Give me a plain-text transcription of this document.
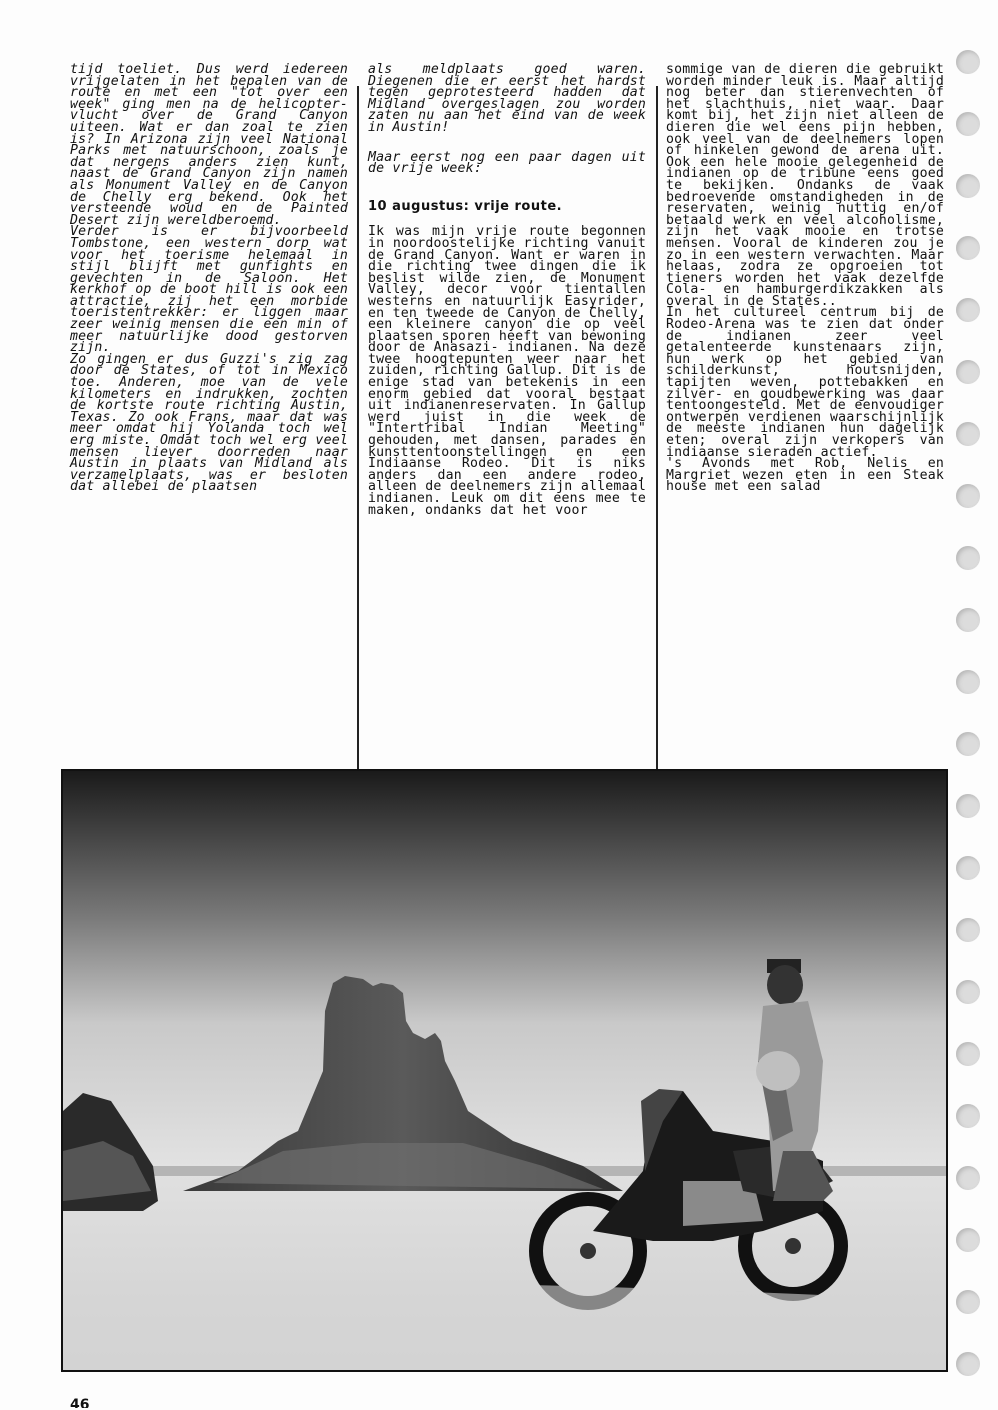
tijd toeliet. Dus werd iedereen vrijgelaten in het bepalen van de route en met een "tot over een week" ging men na de helicopter-vlucht over de Grand Canyon uiteen. Wat er dan zoal te zien is? In Arizona zijn veel National Parks met natuurschoon, zoals je dat nergens anders zien kunt, naast de Grand Canyon zijn namen als Monument Valley en de Canyon de Chelly erg bekend. Ook het versteende woud en de Painted Desert zijn wereldberoemd.
Verder is er bijvoorbeeld Tombstone, een western dorp wat voor het toerisme helemaal in stijl blijft met gunfights en gevechten in de Saloon. Het kerkhof op de boot hill is ook een attractie, zij het een morbide toeristentrekker: er liggen maar zeer weinig mensen die een min of meer natuurlijke dood gestorven zijn.
Zo gingen er dus Guzzi's zig zag door de States, of tot in Mexico toe. Anderen, moe van de vele kilometers en indrukken, zochten de kortste route richting Austin, Texas. Zo ook Frans, maar dat was meer omdat hij Yolanda toch wel erg miste. Omdat toch wel erg veel mensen liever doorreden naar Austin in plaats van Midland als verzamelplaats, was er besloten dat allebei de plaatsen

als meldplaats goed waren. Diegenen die er eerst het hardst tegen geprotesteerd hadden dat Midland overgeslagen zou worden zaten nu aan het eind van de week in Austin!

Maar eerst nog een paar dagen uit de vrije week:

10 augustus: vrije route.

Ik was mijn vrije route begonnen in noordoostelijke richting vanuit de Grand Canyon. Want er waren in die richting twee dingen die ik beslist wilde zien, de Monument Valley, decor voor tientallen westerns en natuurlijk Easyrider, en ten tweede de Canyon de Chelly, een kleinere canyon die op veel plaatsen sporen heeft van bewoning door de Anasazi- indianen. Na deze twee hoogtepunten weer naar het zuiden, richting Gallup. Dit is de enige stad van betekenis in een enorm gebied dat vooral bestaat uit indianenreservaten. In Gallup werd juist in die week de "Intertribal Indian Meeting" gehouden, met dansen, parades en kunsttentoonstellingen en een Indiaanse Rodeo. Dit is niks anders dan een andere rodeo, alleen de deelnemers zijn allemaal indianen. Leuk om dit eens mee te maken, ondanks dat het voor

sommige van de dieren die gebruikt worden minder leuk is. Maar altijd nog beter dan stierenvechten of het slachthuis, niet waar. Daar komt bij, het zijn niet alleen de dieren die wel eens pijn hebben, ook veel van de deelnemers lopen of hinkelen gewond de arena uit. Ook een hele mooie gelegenheid de indianen op de tribune eens goed te bekijken. Ondanks de vaak bedroevende omstandigheden in de reservaten, weinig nuttig en/of betaald werk en veel alcoholisme, zijn het vaak mooie en trotse mensen. Vooral de kinderen zou je zo in een western verwachten. Maar helaas, zodra ze opgroeien tot tieners worden het vaak dezelfde Cola- en hamburgerdikzakken als overal in de States..
In het cultureel centrum bij de Rodeo-Arena was te zien dat onder de indianen zeer veel getalenteerde kunstenaars zijn, hun werk op het gebied van schilderkunst, houtsnijden, tapijten weven, pottebakken en zilver- en goudbewerking was daar tentoongesteld. Met de eenvoudiger ontwerpen verdienen waarschijnlijk de meeste indianen hun dagelijk eten; overal zijn verkopers van indiaanse sieraden actief.
's Avonds met Rob, Nelis en Margriet wezen eten in een Steak house met een salad

46
